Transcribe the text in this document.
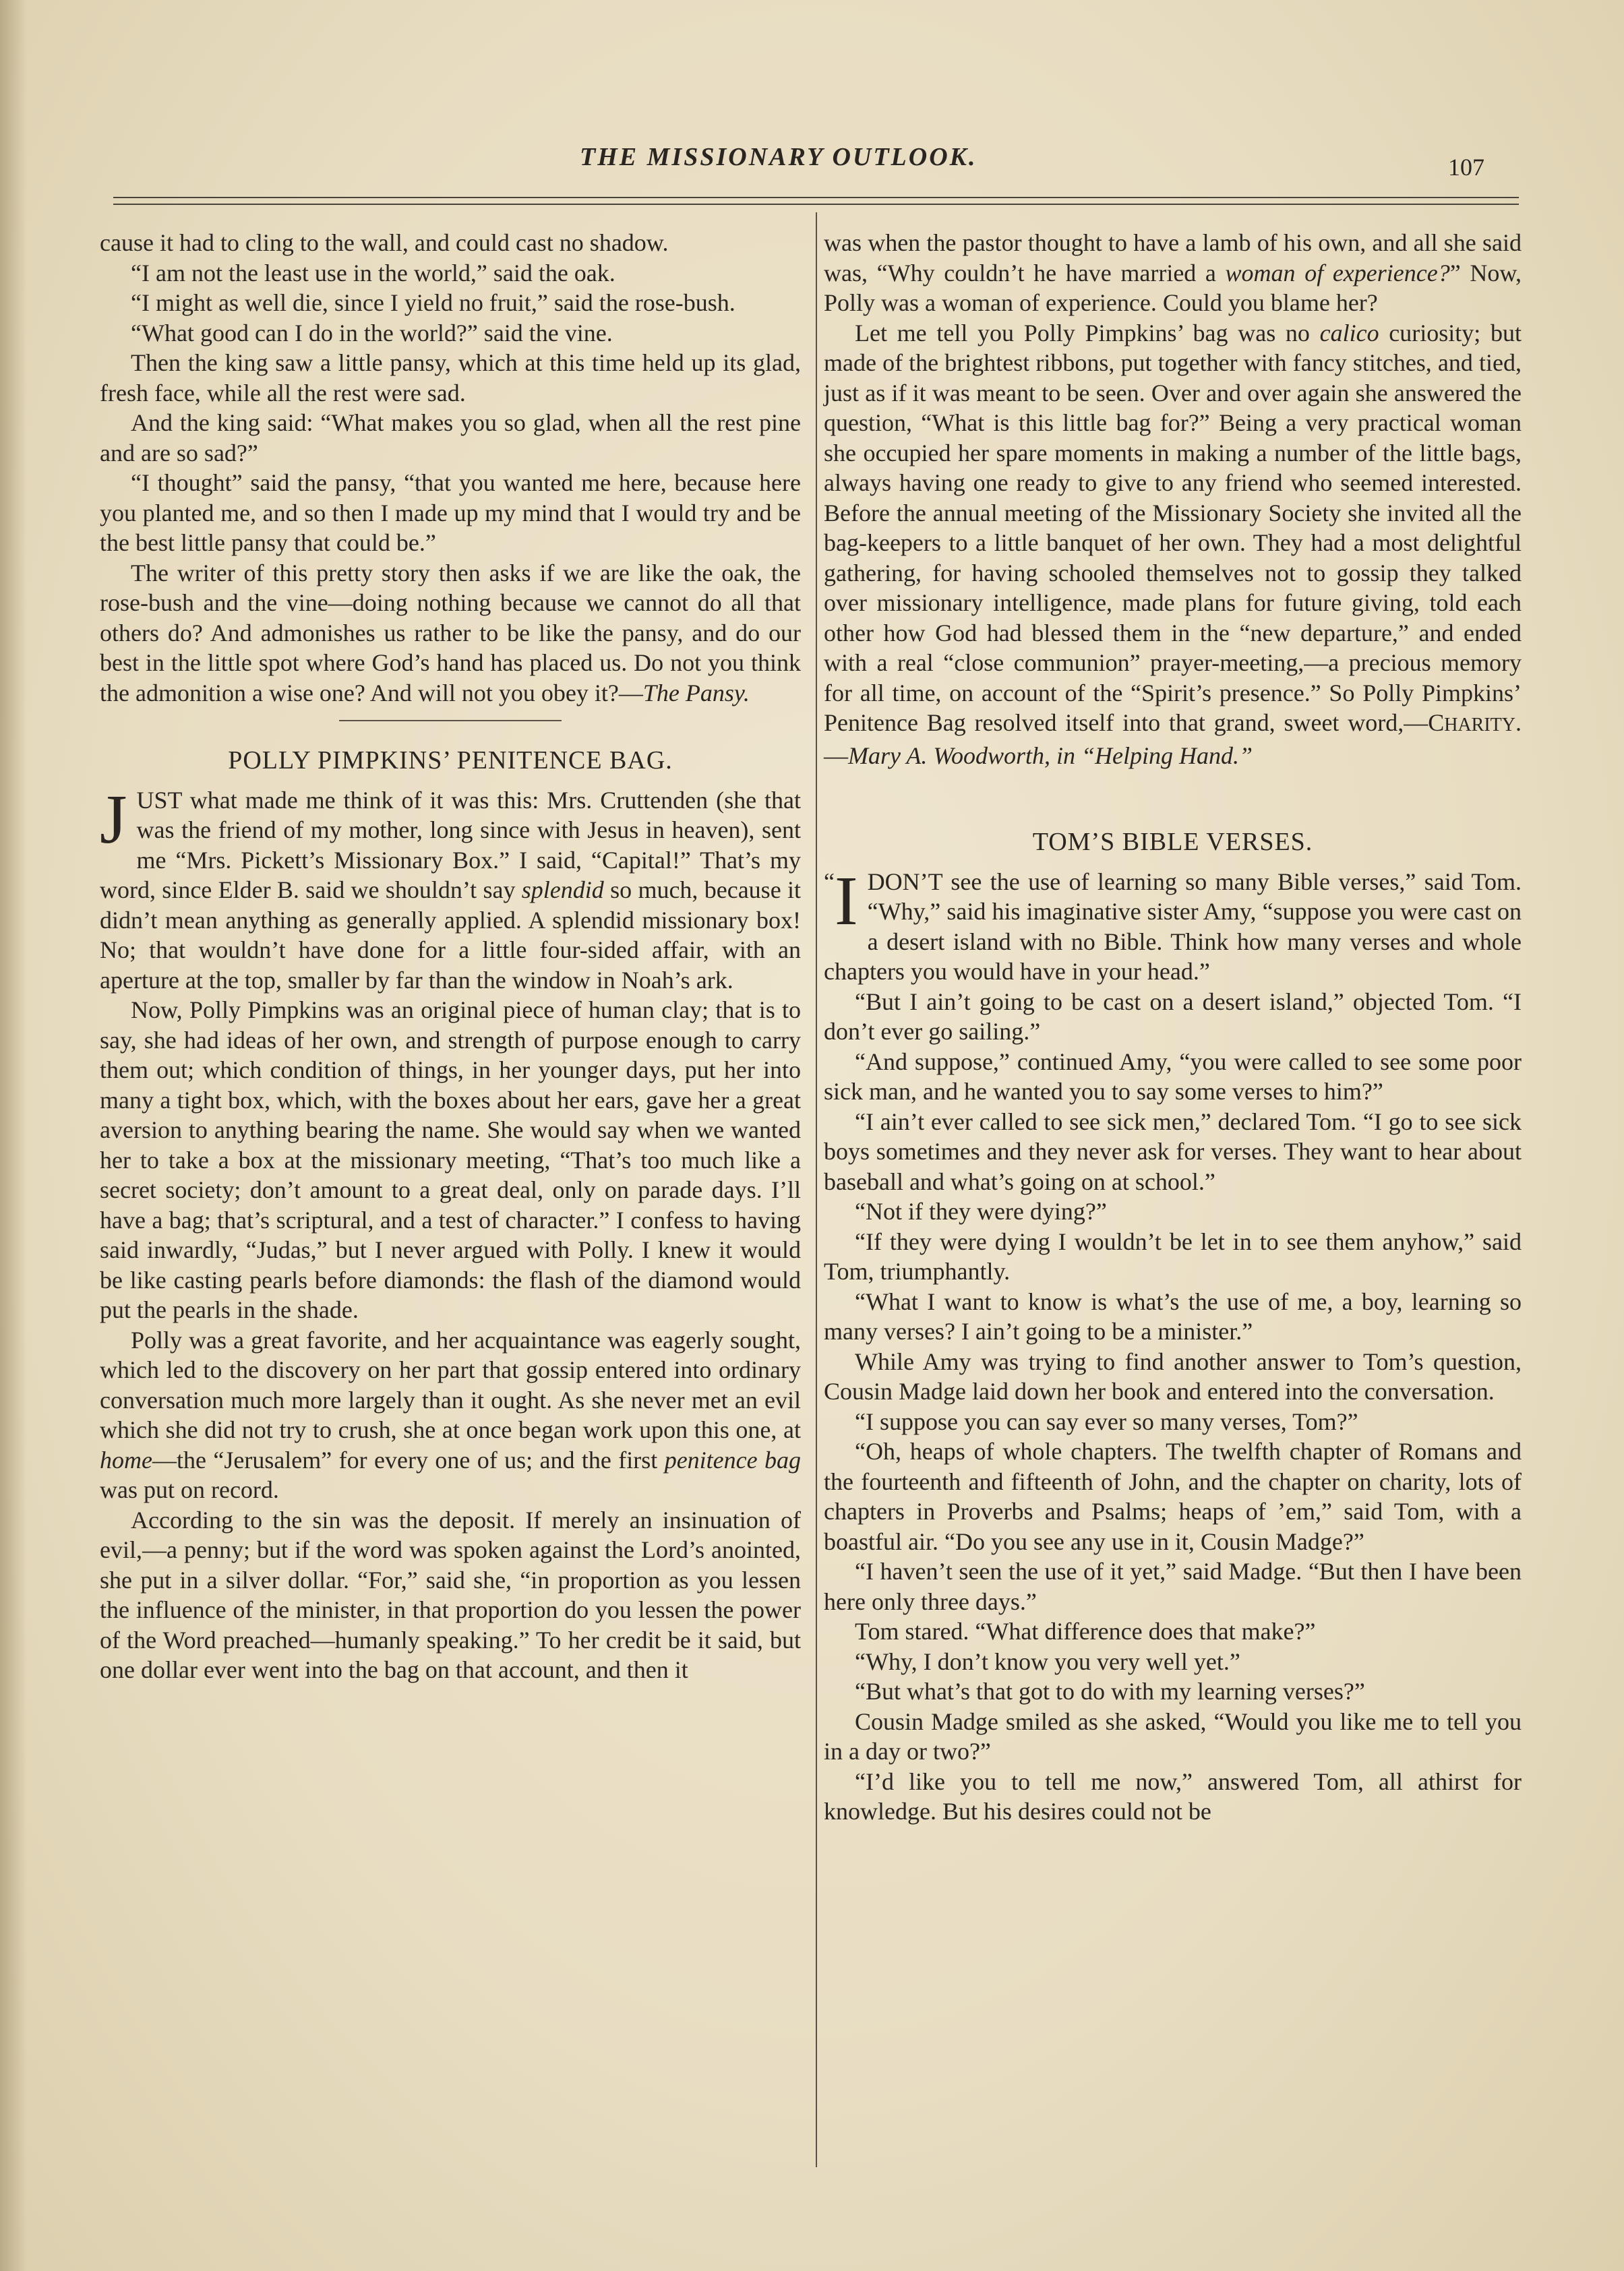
THE MISSIONARY OUTLOOK.	107

cause it had to cling to the wall, and could cast no shadow.

“I am not the least use in the world,” said the oak.

“I might as well die, since I yield no fruit,” said the rose-bush.

“What good can I do in the world?” said the vine.

Then the king saw a little pansy, which at this time held up its glad, fresh face, while all the rest were sad.

And the king said: “What makes you so glad, when all the rest pine and are so sad?”

“I thought” said the pansy, “that you wanted me here, because here you planted me, and so then I made up my mind that I would try and be the best little pansy that could be.”

The writer of this pretty story then asks if we are like the oak, the rose-bush and the vine—doing nothing because we cannot do all that others do? And admonishes us rather to be like the pansy, and do our best in the little spot where God’s hand has placed us. Do not you think the admonition a wise one? And will not you obey it?—The Pansy.

POLLY PIMPKINS’ PENITENCE BAG.

JUST what made me think of it was this: Mrs. Cruttenden (she that was the friend of my mother, long since with Jesus in heaven), sent me “Mrs. Pickett’s Missionary Box.” I said, “Capital!” That’s my word, since Elder B. said we shouldn’t say splendid so much, because it didn’t mean anything as generally applied. A splendid missionary box! No; that wouldn’t have done for a little four-sided affair, with an aperture at the top, smaller by far than the window in Noah’s ark.

Now, Polly Pimpkins was an original piece of human clay; that is to say, she had ideas of her own, and strength of purpose enough to carry them out; which condition of things, in her younger days, put her into many a tight box, which, with the boxes about her ears, gave her a great aversion to anything bearing the name. She would say when we wanted her to take a box at the missionary meeting, “That’s too much like a secret society; don’t amount to a great deal, only on parade days. I’ll have a bag; that’s scriptural, and a test of character.” I confess to having said inwardly, “Judas,” but I never argued with Polly. I knew it would be like casting pearls before diamonds: the flash of the diamond would put the pearls in the shade.

Polly was a great favorite, and her acquaintance was eagerly sought, which led to the discovery on her part that gossip entered into ordinary conversation much more largely than it ought. As she never met an evil which she did not try to crush, she at once began work upon this one, at home—the “Jerusalem” for every one of us; and the first penitence bag was put on record.

According to the sin was the deposit. If merely an insinuation of evil,—a penny; but if the word was spoken against the Lord’s anointed, she put in a silver dollar. “For,” said she, “in proportion as you lessen the influence of the minister, in that proportion do you lessen the power of the Word preached—humanly speaking.” To her credit be it said, but one dollar ever went into the bag on that account, and then it

was when the pastor thought to have a lamb of his own, and all she said was, “Why couldn’t he have married a woman of experience?” Now, Polly was a woman of experience. Could you blame her?

Let me tell you Polly Pimpkins’ bag was no calico curiosity; but made of the brightest ribbons, put together with fancy stitches, and tied, just as if it was meant to be seen. Over and over again she answered the question, “What is this little bag for?” Being a very practical woman she occupied her spare moments in making a number of the little bags, always having one ready to give to any friend who seemed interested. Before the annual meeting of the Missionary Society she invited all the bag-keepers to a little banquet of her own. They had a most delightful gathering, for having schooled themselves not to gossip they talked over missionary intelligence, made plans for future giving, told each other how God had blessed them in the “new departure,” and ended with a real “close communion” prayer-meeting,—a precious memory for all time, on account of the “Spirit’s presence.” So Polly Pimpkins’ Penitence Bag resolved itself into that grand, sweet word,—CHARITY.—Mary A. Woodworth, in “Helping Hand.”

TOM’S BIBLE VERSES.

“ I DON’T see the use of learning so many Bible verses,” said Tom. “Why,” said his imaginative sister Amy, “suppose you were cast on a desert island with no Bible. Think how many verses and whole chapters you would have in your head.”

“But I ain’t going to be cast on a desert island,” objected Tom. “I don’t ever go sailing.”

“And suppose,” continued Amy, “you were called to see some poor sick man, and he wanted you to say some verses to him?”

“I ain’t ever called to see sick men,” declared Tom. “I go to see sick boys sometimes and they never ask for verses. They want to hear about baseball and what’s going on at school.”

“Not if they were dying?”

“If they were dying I wouldn’t be let in to see them anyhow,” said Tom, triumphantly.

“What I want to know is what’s the use of me, a boy, learning so many verses? I ain’t going to be a minister.”

While Amy was trying to find another answer to Tom’s question, Cousin Madge laid down her book and entered into the conversation.

“I suppose you can say ever so many verses, Tom?”

“Oh, heaps of whole chapters. The twelfth chapter of Romans and the fourteenth and fifteenth of John, and the chapter on charity, lots of chapters in Proverbs and Psalms; heaps of ’em,” said Tom, with a boastful air. “Do you see any use in it, Cousin Madge?”

“I haven’t seen the use of it yet,” said Madge. “But then I have been here only three days.”

Tom stared. “What difference does that make?”

“Why, I don’t know you very well yet.”

“But what’s that got to do with my learning verses?”

Cousin Madge smiled as she asked, “Would you like me to tell you in a day or two?”

“I’d like you to tell me now,” answered Tom, all athirst for knowledge. But his desires could not be
